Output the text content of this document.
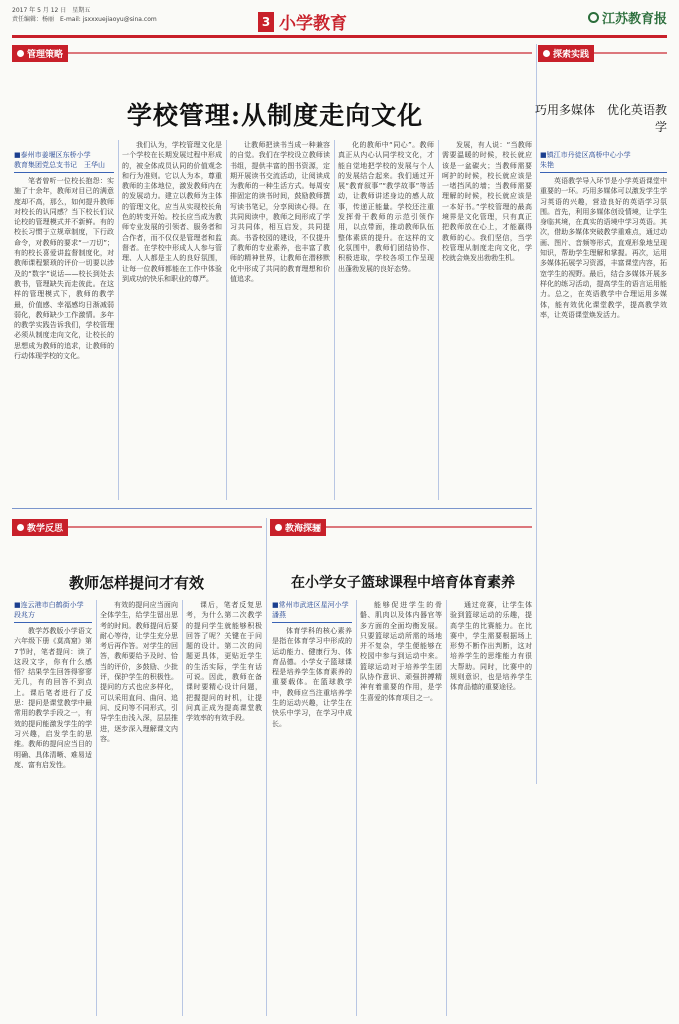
2017 年 5 月 12 日　星期五
责任编辑：杨丽　E-mail: jsxxxuejiaoyu@sina.com	3 小学教育	江苏教育报
管理策略	探索实践
学校管理:从制度走向文化
■泰州市姜堰区东桥小学
教育集团党总支书记　王华山

笔者曾听一位校长抱怨：实施了十余年，教师对目已的满意度却不高，那么，如何提升教师对校长的认同感？当下校长们议论校的管理模式并不新鲜。有的校长习惯于立规章制度，下行政命令，对教师的要求“一刀切”；有的校长喜爱讲监督制度化，对教师课程繁琐的评价一切要以涉及的“数字”说话——校长到处去教书，管理缺失而走彼此。在这样的管理模式下，教师的教学最，价值感、幸福感均日渐减弱弱化，教师缺少工作激情。多年的教学实践告诉我们，学校管理必须从制度走向文化，让校长的思想成为教师的追求，让教师的行动体现学校的文化。

我们认为，学校管理文化是一个学校在长期发展过程中形成的，被全体成员认同的价值观念和行为准则。它以人为本，尊重教师的主体地位，激发教师内在的发展动力。建立以教师为主体的管理文化，应当从实现校长角色的转变开始。校长应当成为教师专业发展的引领者、服务者和合作者，而不仅仅是管理者和监督者。在学校中形成人人参与管理、人人都是主人的良好氛围，让每一位教师都能在工作中体验到成功的快乐和职业的尊严。

让教师把读书当成一种兼容的自觉。我们在学校设立教师读书组，提供丰富的图书资源，定期开展读书交流活动，让阅读成为教师的一种生活方式。每周安排固定的读书时间，鼓励教师撰写读书笔记，分享阅读心得。在共同阅读中，教师之间形成了学习共同体，相互启发，共同提高。书香校园的建设，不仅提升了教师的专业素养，也丰富了教师的精神世界，让教师在潜移默化中形成了共同的教育理想和价值追求。

化的教师中“同心”。教师真正从内心认同学校文化，才能自觉地把学校的发展与个人的发展结合起来。我们通过开展“教育叙事”“教学故事”等活动，让教师讲述身边的感人故事，传递正能量。学校还注重发挥骨干教师的示范引领作用，以点带面，推动教师队伍整体素质的提升。在这样的文化氛围中，教师们团结协作、积极进取，学校各项工作呈现出蓬勃发展的良好态势。

发展，有人说：“当教师需要温暖的时候，校长就应该是一盆碳火；当教师需要呵护的时候，校长就应该是一堵挡风的墙；当教师需要理解的时候，校长就应该是一本好书。”学校管理的最高境界是文化管理，只有真正把教师放在心上，才能赢得教师的心。我们坚信，当学校管理从制度走向文化，学校就会焕发出勃勃生机。

巧用多媒体　优化英语教学
■镇江市丹徒区高桥中心小学
朱艳

英语教学导入环节是小学英语课堂中重要的一环。巧用多媒体可以激发学生学习英语的兴趣，营造良好的英语学习氛围。首先，利用多媒体创设情境，让学生身临其境，在真实的语境中学习英语。其次，借助多媒体突破教学重难点，通过动画、图片、音频等形式，直观形象地呈现知识，帮助学生理解和掌握。再次，运用多媒体拓展学习资源，丰富课堂内容，拓宽学生的视野。最后，结合多媒体开展多样化的练习活动，提高学生的语言运用能力。总之，在英语教学中合理运用多媒体，能有效优化课堂教学，提高教学效率，让英语课堂焕发活力。

教学反思	教海探骊
教师怎样提问才有效
■连云港市白鹤街小学
段兆方

教学苏教版小学语文六年级下册《莫高窟》第7节时，笔者提问：读了这段文字，你有什么感悟？结果学生回答得寥寥无几，有的回答不到点上。课后笔者进行了反思：提问是课堂教学中最常用的教学手段之一，有效的提问能激发学生的学习兴趣，启发学生的思维。教师的提问应当目的明确、具体清晰、难易适度、富有启发性。

有效的提问应当面向全体学生，给学生留出思考的时间。教师提问后要耐心等待，让学生充分思考后再作答。对学生的回答，教师要给予及时、恰当的评价，多鼓励、少批评，保护学生的积极性。提问的方式也应多样化，可以采用直问、曲问、追问、反问等不同形式，引导学生由浅入深，层层推进，逐步深入理解课文内容。

课后，笔者反复思考，为什么第二次教学的提问学生就能够积极回答了呢？关键在于问题的设计。第二次的问题更具体，更贴近学生的生活实际，学生有话可说。因此，教师在备课时要精心设计问题，把握提问的时机，让提问真正成为提高课堂教学效率的有效手段。

在小学女子篮球课程中培育体育素养
■常州市武进区星河小学
潘燕

体育学科的核心素养是指在体育学习中形成的运动能力、健康行为、体育品德。小学女子篮球课程是培养学生体育素养的重要载体。在篮球教学中，教师应当注重培养学生的运动兴趣，让学生在快乐中学习，在学习中成长。

能够促进学生的骨骼、肌肉以及体内器官等多方面的全面均衡发展。只要篮球运动所需的场地并不复杂，学生便能够在校园中参与到运动中来。篮球运动对于培养学生团队协作意识、顽强拼搏精神有着重要的作用，是学生喜爱的体育项目之一。

通过竞赛，让学生体验到篮球运动的乐趣，提高学生的比赛能力。在比赛中，学生需要根据场上形势不断作出判断，这对培养学生的思维能力有很大帮助。同时，比赛中的规则意识，也是培养学生体育品德的重要途径。
